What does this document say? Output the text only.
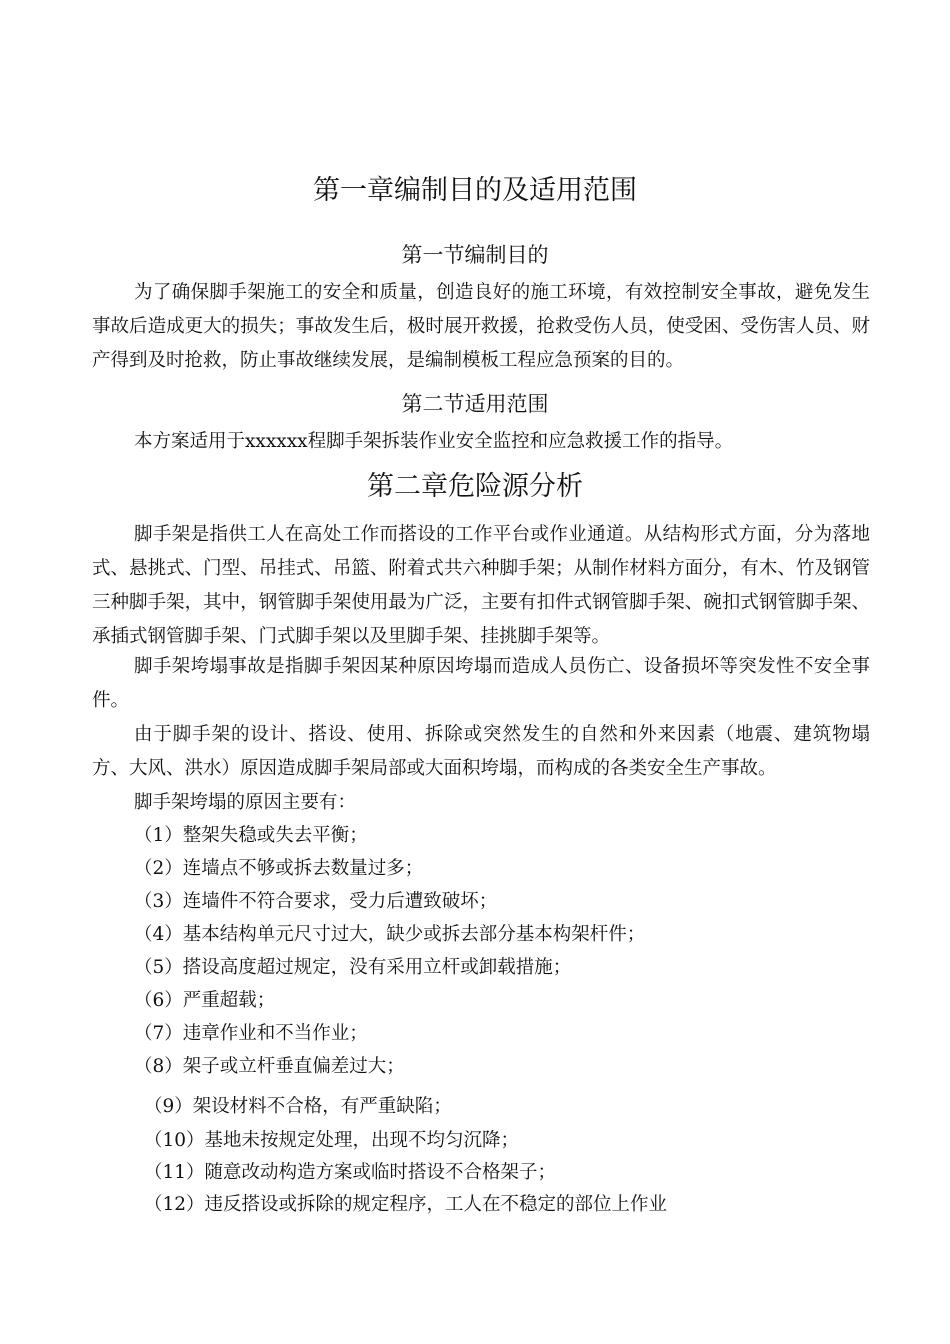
第一章编制目的及适用范围
第一节编制目的

为了确保脚手架施工的安全和质量，创造良好的施工环境，有效控制安全事故，避免发生事故后造成更大的损失；事故发生后，极时展开救援，抢救受伤人员，使受困、受伤害人员、财产得到及时抢救，防止事故继续发展，是编制模板工程应急预案的目的。

第二节适用范围

本方案适用于xxxxxx程脚手架拆装作业安全监控和应急救援工作的指导。

第二章危险源分析

脚手架是指供工人在高处工作而搭设的工作平台或作业通道。从结构形式方面，分为落地式、悬挑式、门型、吊挂式、吊篮、附着式共六种脚手架；从制作材料方面分，有木、竹及钢管三种脚手架，其中，钢管脚手架使用最为广泛，主要有扣件式钢管脚手架、碗扣式钢管脚手架、承插式钢管脚手架、门式脚手架以及里脚手架、挂挑脚手架等。

脚手架垮塌事故是指脚手架因某种原因垮塌而造成人员伤亡、设备损坏等突发性不安全事件。

由于脚手架的设计、搭设、使用、拆除或突然发生的自然和外来因素（地震、建筑物塌方、大风、洪水）原因造成脚手架局部或大面积垮塌，而构成的各类安全生产事故。

脚手架垮塌的原因主要有：
（1）整架失稳或失去平衡；
（2）连墙点不够或拆去数量过多；
（3）连墙件不符合要求，受力后遭致破坏；
（4）基本结构单元尺寸过大，缺少或拆去部分基本构架杆件；
（5）搭设高度超过规定，没有采用立杆或卸载措施；
（6）严重超载；
（7）违章作业和不当作业；
（8）架子或立杆垂直偏差过大；
（9）架设材料不合格，有严重缺陷；
（10）基地未按规定处理，出现不均匀沉降；
（11）随意改动构造方案或临时搭设不合格架子；
（12）违反搭设或拆除的规定程序，工人在不稳定的部位上作业
